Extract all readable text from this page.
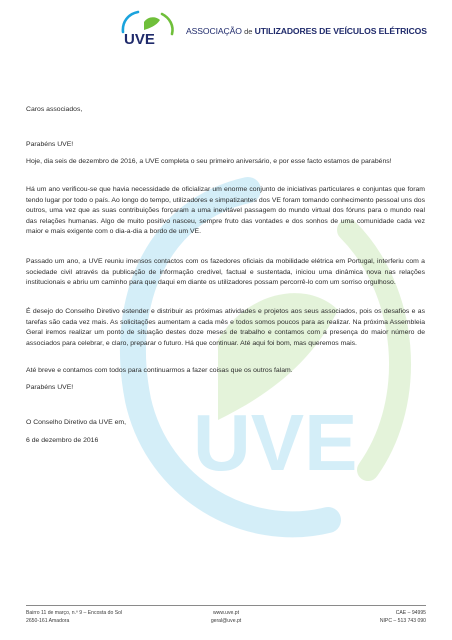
UVE
UVE	ASSOCIAÇÃO de UTILIZADORES DE VEÍCULOS ELÉTRICOS
Caros associados,
Parabéns UVE!
Hoje, dia seis de dezembro de 2016, a UVE completa o seu primeiro aniversário, e por esse facto estamos de parabéns!
Há um ano verificou-se que havia necessidade de oficializar um enorme conjunto de iniciativas particulares e conjuntas que foram tendo lugar por todo o país. Ao longo do tempo, utilizadores e simpatizantes dos VE foram tomando conhecimento pessoal uns dos outros, uma vez que as suas contribuições forçaram a uma inevitável passagem do mundo virtual dos fóruns para o mundo real das relações humanas. Algo de muito positivo nasceu, sempre fruto das vontades e dos sonhos de uma comunidade cada vez maior e mais exigente com o dia-a-dia a bordo de um VE.
Passado um ano, a UVE reuniu imensos contactos com os fazedores oficiais da mobilidade elétrica em Portugal, interferiu com a sociedade civil através da publicação de informação credível, factual e sustentada, iniciou uma dinâmica nova nas relações institucionais e abriu um caminho para que daqui em diante os utilizadores possam percorrê-lo com um sorriso orgulhoso.
É desejo do Conselho Diretivo estender e distribuir as próximas atividades e projetos aos seus associados, pois os desafios e as tarefas são cada vez mais. As solicitações aumentam a cada mês e todos somos poucos para as realizar. Na próxima Assembleia Geral iremos realizar um ponto de situação destes doze meses de trabalho e contamos com a presença do maior número de associados para celebrar, e claro, preparar o futuro. Há que continuar. Até aqui foi bom, mas queremos mais.
Até breve e contamos com todos para continuarmos a fazer coisas que os outros falam.
Parabéns UVE!
O Conselho Diretivo da UVE em,
6 de dezembro de 2016
Bairro 11 de março, n.º 9 – Encosta do Sol
2650-161 Amadora
www.uve.pt
geral@uve.pt
CAE – 94995
NIPC – 513 743 090
